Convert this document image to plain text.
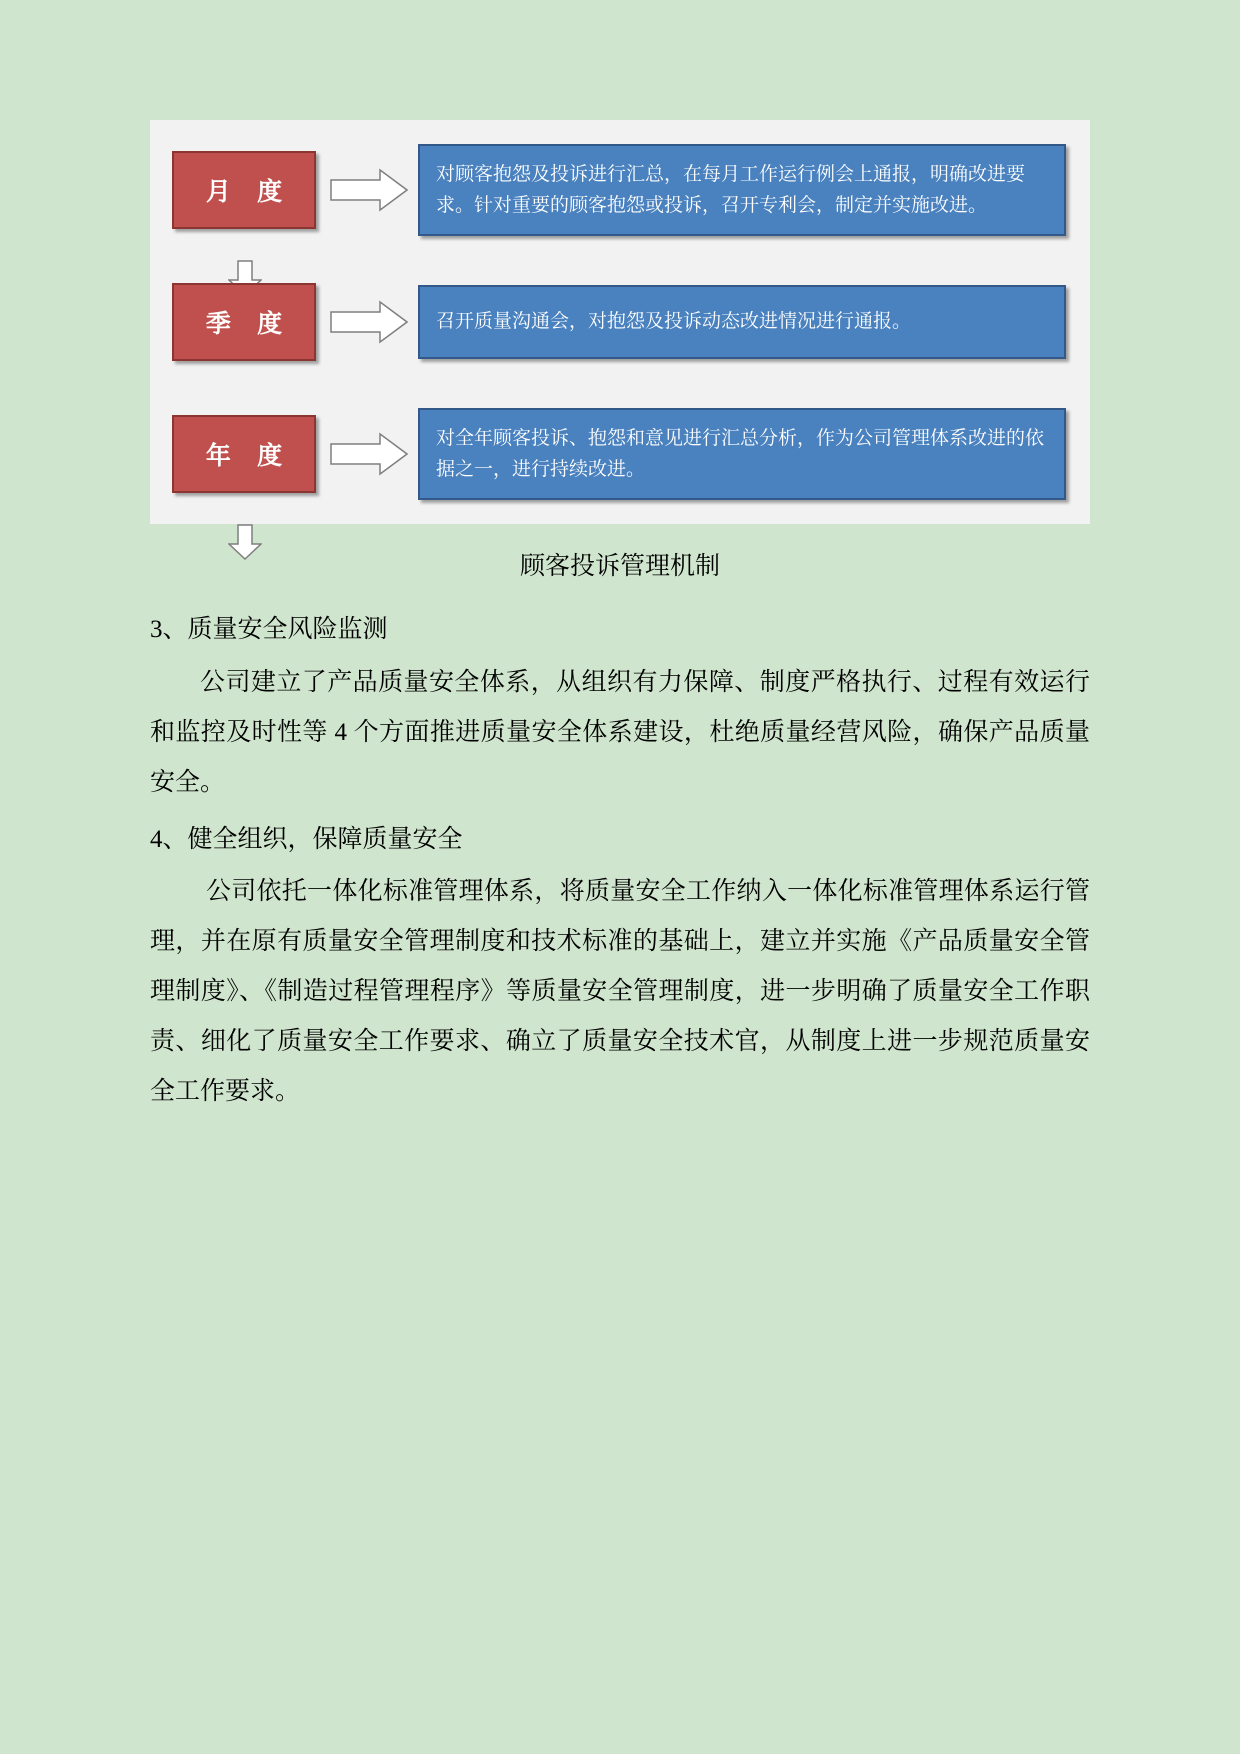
月 度
对顾客抱怨及投诉进行汇总，在每月工作运行例会上通报，明确改进要求。针对重要的顾客抱怨或投诉，召开专利会，制定并实施改进。
季 度	召开质量沟通会，对抱怨及投诉动态改进情况进行通报。
年 度
对全年顾客投诉、抱怨和意见进行汇总分析，作为公司管理体系改进的依据之一，进行持续改进。
顾客投诉管理机制

3、质量安全风险监测

公司建立了产品质量安全体系，从组织有力保障、制度严格执行、过程有效运行和监控及时性等 4 个方面推进质量安全体系建设，杜绝质量经营风险，确保产品质量安全。

4、健全组织，保障质量安全

公司依托一体化标准管理体系，将质量安全工作纳入一体化标准管理体系运行管理，并在原有质量安全管理制度和技术标准的基础上，建立并实施《产品质量安全管理制度》、《制造过程管理程序》等质量安全管理制度，进一步明确了质量安全工作职责、细化了质量安全工作要求、确立了质量安全技术官，从制度上进一步规范质量安全工作要求。
